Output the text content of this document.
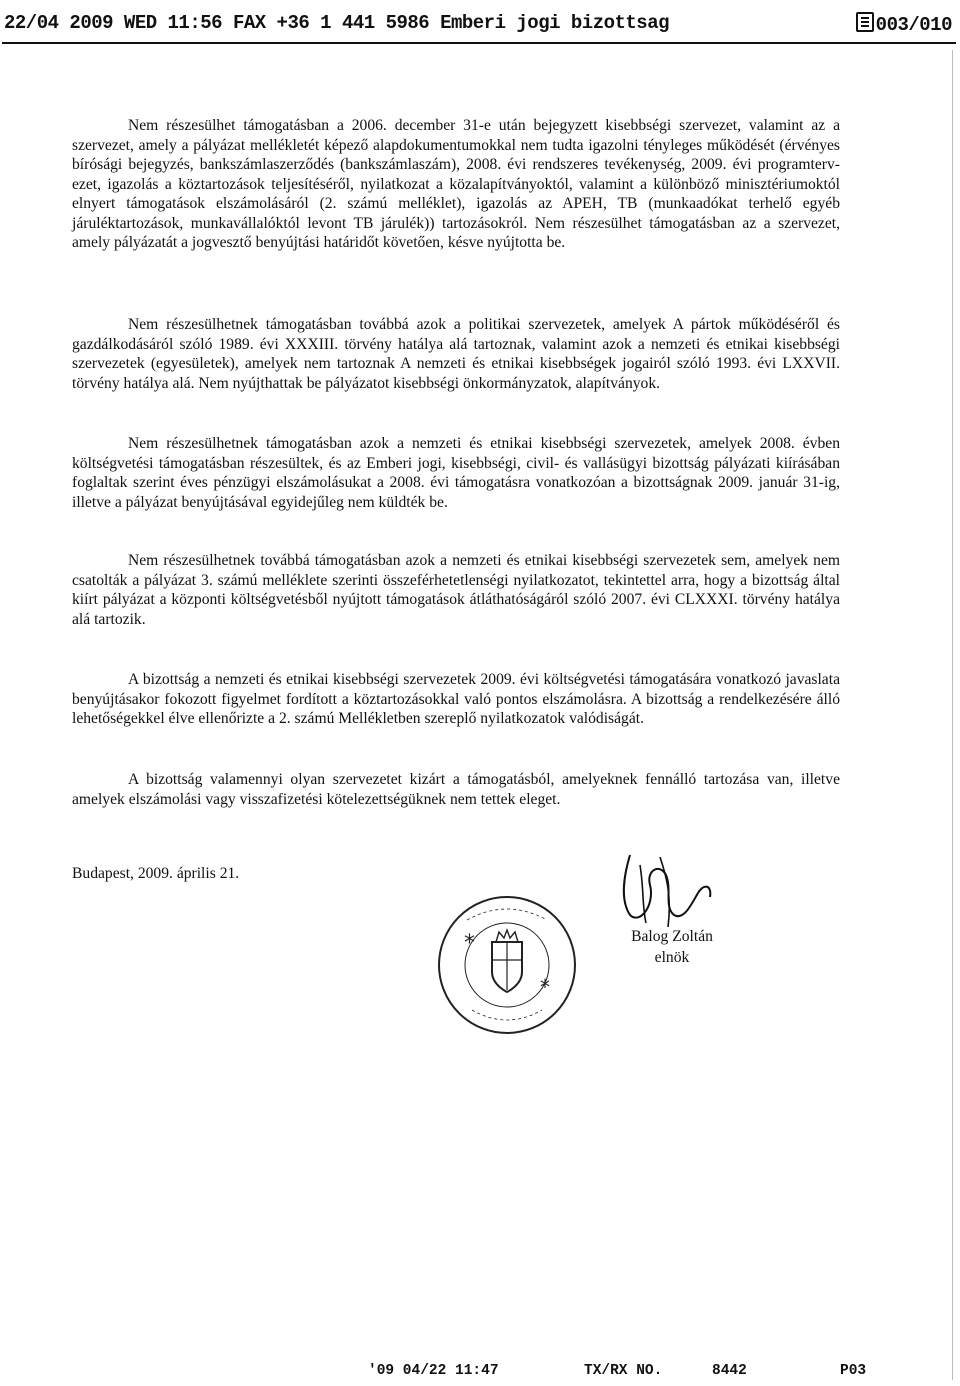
22/04 2009 WED 11:56 FAX +36 1 441 5986 Emberi jogi bizottsag	003/010

Nem részesülhet támogatásban a 2006. december 31-e után bejegyzett kisebbségi szervezet, valamint az a szervezet, amely a pályázat mellékletét képező alapdokumentumokkal nem tudta igazolni tényleges működését (érvényes bírósági bejegyzés, bankszámlaszerződés (bankszámlaszám), 2008. évi rendszeres tevékenység, 2009. évi programtervezet, igazolás a köztartozások teljesítéséről, nyilatkozat a közalapítványoktól, valamint a különböző minisztériumoktól elnyert támogatások elszámolásáról (2. számú melléklet), igazolás az APEH, TB (munkaadókat terhelő egyéb járuléktartozások, munkavállalóktól levont TB járulék)) tartozásokról. Nem részesülhet támogatásban az a szervezet, amely pályázatát a jogvesztő benyújtási határidőt követően, késve nyújtotta be.

Nem részesülhetnek támogatásban továbbá azok a politikai szervezetek, amelyek A pártok működéséről és gazdálkodásáról szóló 1989. évi XXXIII. törvény hatálya alá tartoznak, valamint azok a nemzeti és etnikai kisebbségi szervezetek (egyesületek), amelyek nem tartoznak A nemzeti és etnikai kisebbségek jogairól szóló 1993. évi LXXVII. törvény hatálya alá. Nem nyújthattak be pályázatot kisebbségi önkormányzatok, alapítványok.

Nem részesülhetnek támogatásban azok a nemzeti és etnikai kisebbségi szervezetek, amelyek 2008. évben költségvetési támogatásban részesültek, és az Emberi jogi, kisebbségi, civil- és vallásügyi bizottság pályázati kiírásában foglaltak szerint éves pénzügyi elszámolásukat a 2008. évi támogatásra vonatkozóan a bizottságnak 2009. január 31-ig, illetve a pályázat benyújtásával egyidejűleg nem küldték be.

Nem részesülhetnek továbbá támogatásban azok a nemzeti és etnikai kisebbségi szervezetek sem, amelyek nem csatolták a pályázat 3. számú melléklete szerinti összeférhetetlenségi nyilatkozatot, tekintettel arra, hogy a bizottság által kiírt pályázat a központi költségvetésből nyújtott támogatások átláthatóságáról szóló 2007. évi CLXXXI. törvény hatálya alá tartozik.

A bizottság a nemzeti és etnikai kisebbségi szervezetek 2009. évi költségvetési támogatására vonatkozó javaslata benyújtásakor fokozott figyelmet fordított a köztartozásokkal való pontos elszámolásra. A bizottság a rendelkezésére álló lehetőségekkel élve ellenőrizte a 2. számú Mellékletben szereplő nyilatkozatok valódiságát.

A bizottság valamennyi olyan szervezetet kizárt a támogatásból, amelyeknek fennálló tartozása van, illetve amelyek elszámolási vagy visszafizetési kötelezettségüknek nem tettek eleget.

Budapest, 2009. április 21.

Balog Zoltán
elnök
*
*
'09 04/22 11:47	TX/RX NO.	8442	P03
